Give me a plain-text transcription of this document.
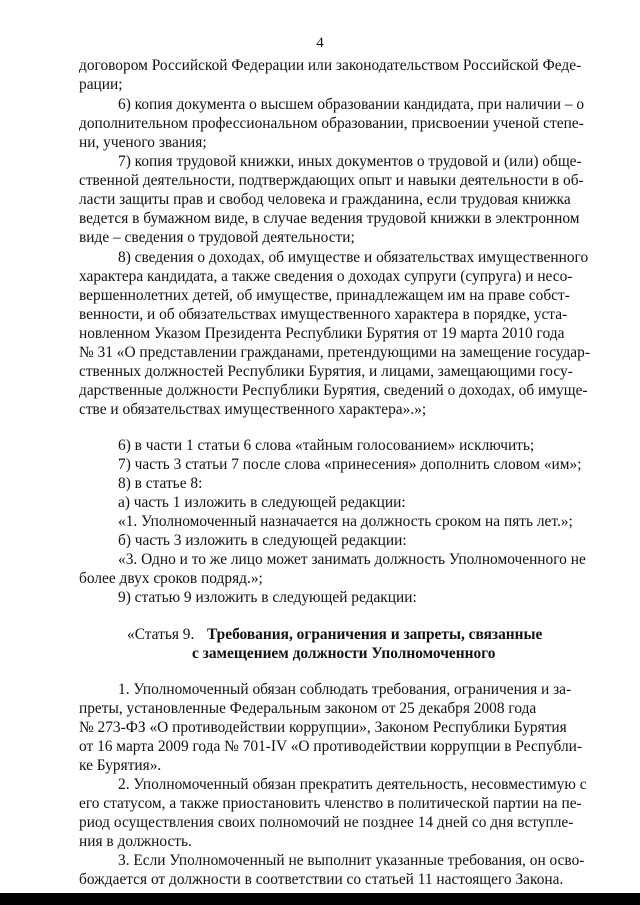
4
договором Российской Федерации или законодательством Российской Феде-
рации;
6) копия документа о высшем образовании кандидата, при наличии – о
дополнительном профессиональном образовании, присвоении ученой степе-
ни, ученого звания;
7) копия трудовой книжки, иных документов о трудовой и (или) обще-
ственной деятельности, подтверждающих опыт и навыки деятельности в об-
ласти защиты прав и свобод человека и гражданина, если трудовая книжка
ведется в бумажном виде, в случае ведения трудовой книжки в электронном
виде – сведения о трудовой деятельности;
8) сведения о доходах, об имуществе и обязательствах имущественного
характера кандидата, а также сведения о доходах супруги (супруга) и несо-
вершеннолетних детей, об имуществе, принадлежащем им на праве собст-
венности, и об обязательствах имущественного характера в порядке, уста-
новленном Указом Президента Республики Бурятия от 19 марта 2010 года
№ 31 «О представлении гражданами, претендующими на замещение государ-
ственных должностей Республики Бурятия, и лицами, замещающими госу-
дарственные должности Республики Бурятия, сведений о доходах, об имуще-
стве и обязательствах имущественного характера».»;
6) в части 1 статьи 6 слова «тайным голосованием» исключить;
7) часть 3 статьи 7 после слова «принесения» дополнить словом «им»;
8) в статье 8:
а) часть 1 изложить в следующей редакции:
«1. Уполномоченный назначается на должность сроком на пять лет.»;
б) часть 3 изложить в следующей редакции:
«3. Одно и то же лицо может занимать должность Уполномоченного не
более двух сроков подряд.»;
9) статью 9 изложить в следующей редакции:
«Статья 9. Требования, ограничения и запреты, связанные
с замещением должности Уполномоченного
1. Уполномоченный обязан соблюдать требования, ограничения и за-
преты, установленные Федеральным законом от 25 декабря 2008 года
№ 273-ФЗ «О противодействии коррупции», Законом Республики Бурятия
от 16 марта 2009 года № 701-IV «О противодействии коррупции в Республи-
ке Бурятия».
2. Уполномоченный обязан прекратить деятельность, несовместимую с
его статусом, а также приостановить членство в политической партии на пе-
риод осуществления своих полномочий не позднее 14 дней со дня вступле-
ния в должность.
3. Если Уполномоченный не выполнит указанные требования, он осво-
бождается от должности в соответствии со статьей 11 настоящего Закона.
